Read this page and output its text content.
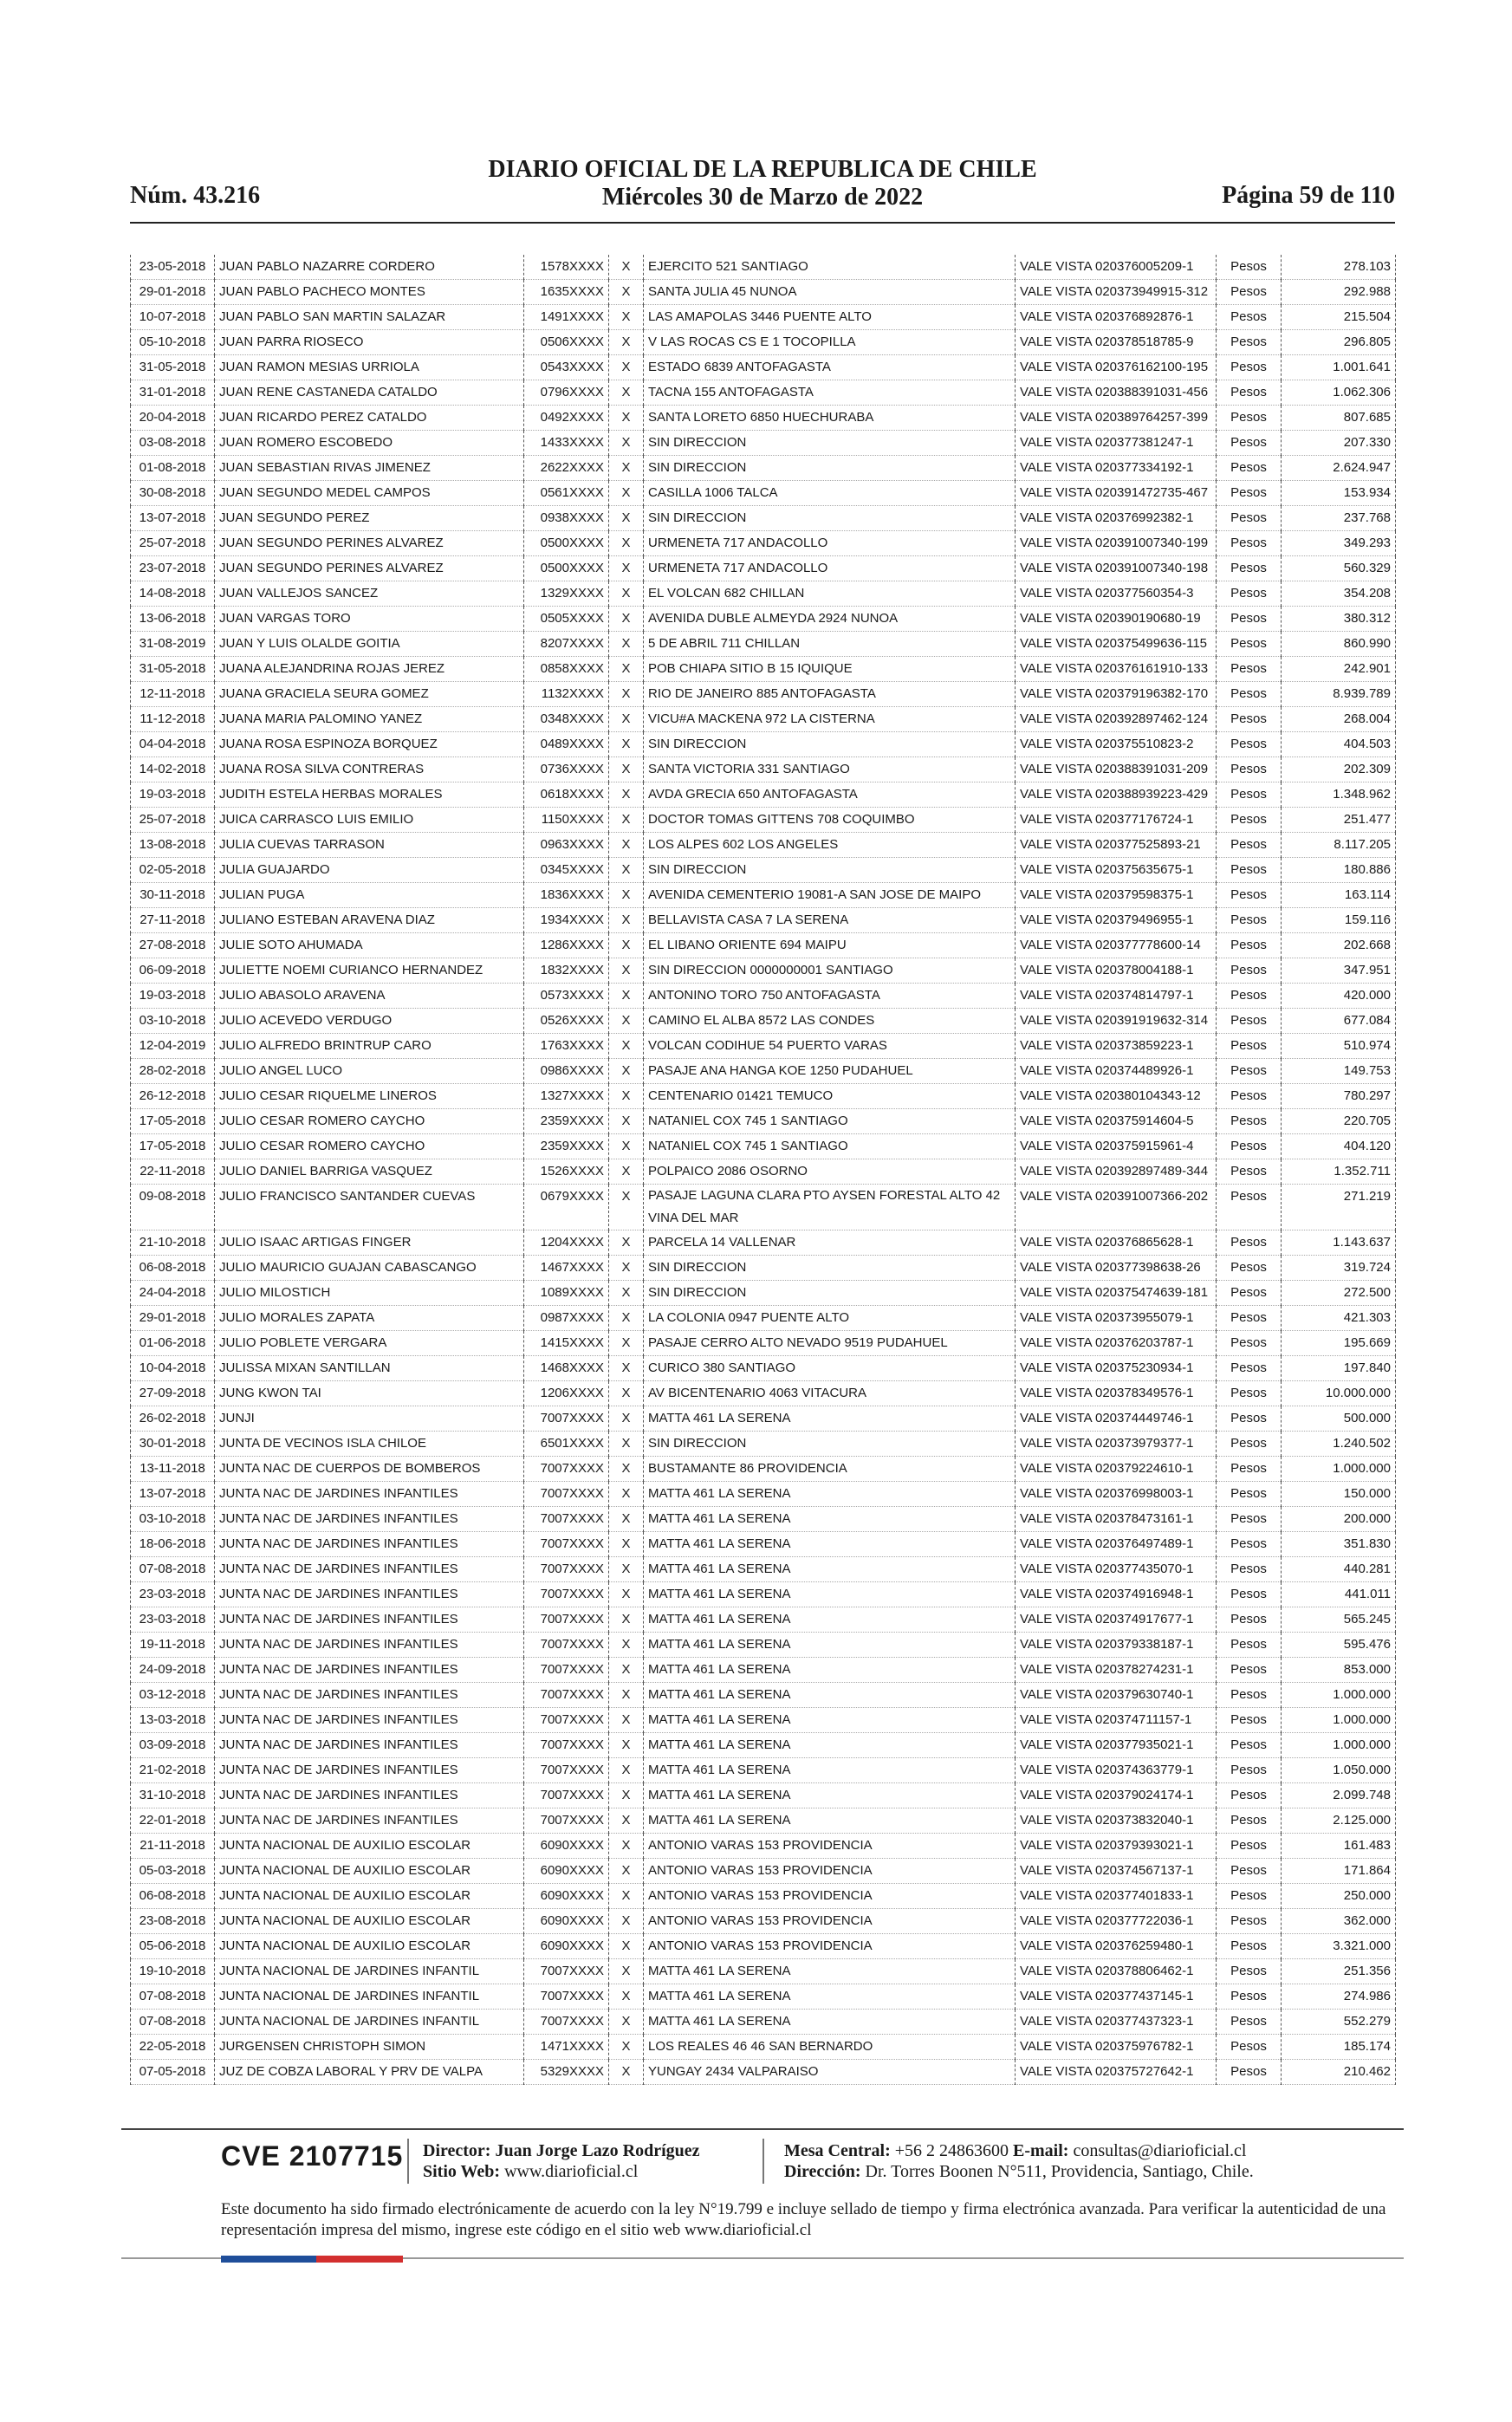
Núm. 43.216
DIARIO OFICIAL DE LA REPUBLICA DE CHILE
Miércoles 30 de Marzo de 2022	Página 59 de 110
23-05-2018	JUAN PABLO NAZARRE CORDERO	1578XXXX	X	EJERCITO 521 SANTIAGO	VALE VISTA 020376005209-1	Pesos	278.103
29-01-2018	JUAN PABLO PACHECO MONTES	1635XXXX	X	SANTA JULIA 45 NUNOA	VALE VISTA 020373949915-312	Pesos	292.988
10-07-2018	JUAN PABLO SAN MARTIN SALAZAR	1491XXXX	X	LAS AMAPOLAS 3446 PUENTE ALTO	VALE VISTA 020376892876-1	Pesos	215.504
05-10-2018	JUAN PARRA RIOSECO	0506XXXX	X	V LAS ROCAS CS E 1 TOCOPILLA	VALE VISTA 020378518785-9	Pesos	296.805
31-05-2018	JUAN RAMON MESIAS URRIOLA	0543XXXX	X	ESTADO 6839 ANTOFAGASTA	VALE VISTA 020376162100-195	Pesos	1.001.641
31-01-2018	JUAN RENE CASTANEDA CATALDO	0796XXXX	X	TACNA 155 ANTOFAGASTA	VALE VISTA 020388391031-456	Pesos	1.062.306
20-04-2018	JUAN RICARDO PEREZ CATALDO	0492XXXX	X	SANTA LORETO 6850 HUECHURABA	VALE VISTA 020389764257-399	Pesos	807.685
03-08-2018	JUAN ROMERO ESCOBEDO	1433XXXX	X	SIN DIRECCION	VALE VISTA 020377381247-1	Pesos	207.330
01-08-2018	JUAN SEBASTIAN RIVAS JIMENEZ	2622XXXX	X	SIN DIRECCION	VALE VISTA 020377334192-1	Pesos	2.624.947
30-08-2018	JUAN SEGUNDO MEDEL CAMPOS	0561XXXX	X	CASILLA 1006 TALCA	VALE VISTA 020391472735-467	Pesos	153.934
13-07-2018	JUAN SEGUNDO PEREZ	0938XXXX	X	SIN DIRECCION	VALE VISTA 020376992382-1	Pesos	237.768
25-07-2018	JUAN SEGUNDO PERINES ALVAREZ	0500XXXX	X	URMENETA 717 ANDACOLLO	VALE VISTA 020391007340-199	Pesos	349.293
23-07-2018	JUAN SEGUNDO PERINES ALVAREZ	0500XXXX	X	URMENETA 717 ANDACOLLO	VALE VISTA 020391007340-198	Pesos	560.329
14-08-2018	JUAN VALLEJOS SANCEZ	1329XXXX	X	EL VOLCAN 682 CHILLAN	VALE VISTA 020377560354-3	Pesos	354.208
13-06-2018	JUAN VARGAS TORO	0505XXXX	X	AVENIDA DUBLE ALMEYDA 2924 NUNOA	VALE VISTA 020390190680-19	Pesos	380.312
31-08-2019	JUAN Y LUIS OLALDE GOITIA	8207XXXX	X	5 DE ABRIL 711 CHILLAN	VALE VISTA 020375499636-115	Pesos	860.990
31-05-2018	JUANA ALEJANDRINA ROJAS JEREZ	0858XXXX	X	POB CHIAPA SITIO B 15 IQUIQUE	VALE VISTA 020376161910-133	Pesos	242.901
12-11-2018	JUANA GRACIELA SEURA GOMEZ	1132XXXX	X	RIO DE JANEIRO 885 ANTOFAGASTA	VALE VISTA 020379196382-170	Pesos	8.939.789
11-12-2018	JUANA MARIA PALOMINO YANEZ	0348XXXX	X	VICU#A MACKENA 972 LA CISTERNA	VALE VISTA 020392897462-124	Pesos	268.004
04-04-2018	JUANA ROSA ESPINOZA BORQUEZ	0489XXXX	X	SIN DIRECCION	VALE VISTA 020375510823-2	Pesos	404.503
14-02-2018	JUANA ROSA SILVA CONTRERAS	0736XXXX	X	SANTA VICTORIA 331 SANTIAGO	VALE VISTA 020388391031-209	Pesos	202.309
19-03-2018	JUDITH ESTELA HERBAS MORALES	0618XXXX	X	AVDA GRECIA 650 ANTOFAGASTA	VALE VISTA 020388939223-429	Pesos	1.348.962
25-07-2018	JUICA CARRASCO LUIS EMILIO	1150XXXX	X	DOCTOR TOMAS GITTENS 708 COQUIMBO	VALE VISTA 020377176724-1	Pesos	251.477
13-08-2018	JULIA CUEVAS TARRASON	0963XXXX	X	LOS ALPES 602 LOS ANGELES	VALE VISTA 020377525893-21	Pesos	8.117.205
02-05-2018	JULIA GUAJARDO	0345XXXX	X	SIN DIRECCION	VALE VISTA 020375635675-1	Pesos	180.886
30-11-2018	JULIAN PUGA	1836XXXX	X	AVENIDA CEMENTERIO 19081-A SAN JOSE DE MAIPO	VALE VISTA 020379598375-1	Pesos	163.114
27-11-2018	JULIANO ESTEBAN ARAVENA DIAZ	1934XXXX	X	BELLAVISTA CASA 7 LA SERENA	VALE VISTA 020379496955-1	Pesos	159.116
27-08-2018	JULIE SOTO AHUMADA	1286XXXX	X	EL LIBANO ORIENTE 694 MAIPU	VALE VISTA 020377778600-14	Pesos	202.668
06-09-2018	JULIETTE NOEMI CURIANCO HERNANDEZ	1832XXXX	X	SIN DIRECCION 0000000001 SANTIAGO	VALE VISTA 020378004188-1	Pesos	347.951
19-03-2018	JULIO ABASOLO ARAVENA	0573XXXX	X	ANTONINO TORO 750 ANTOFAGASTA	VALE VISTA 020374814797-1	Pesos	420.000
03-10-2018	JULIO ACEVEDO VERDUGO	0526XXXX	X	CAMINO EL ALBA 8572 LAS CONDES	VALE VISTA 020391919632-314	Pesos	677.084
12-04-2019	JULIO ALFREDO BRINTRUP CARO	1763XXXX	X	VOLCAN CODIHUE 54 PUERTO VARAS	VALE VISTA 020373859223-1	Pesos	510.974
28-02-2018	JULIO ANGEL LUCO	0986XXXX	X	PASAJE ANA HANGA KOE 1250 PUDAHUEL	VALE VISTA 020374489926-1	Pesos	149.753
26-12-2018	JULIO CESAR RIQUELME LINEROS	1327XXXX	X	CENTENARIO 01421 TEMUCO	VALE VISTA 020380104343-12	Pesos	780.297
17-05-2018	JULIO CESAR ROMERO CAYCHO	2359XXXX	X	NATANIEL COX 745 1 SANTIAGO	VALE VISTA 020375914604-5	Pesos	220.705
17-05-2018	JULIO CESAR ROMERO CAYCHO	2359XXXX	X	NATANIEL COX 745 1 SANTIAGO	VALE VISTA 020375915961-4	Pesos	404.120
22-11-2018	JULIO DANIEL BARRIGA VASQUEZ	1526XXXX	X	POLPAICO 2086 OSORNO	VALE VISTA 020392897489-344	Pesos	1.352.711
09-08-2018	JULIO FRANCISCO SANTANDER CUEVAS	0679XXXX	X	PASAJE LAGUNA CLARA PTO AYSEN FORESTAL ALTO 42 VINA DEL MAR	VALE VISTA 020391007366-202	Pesos	271.219
21-10-2018	JULIO ISAAC ARTIGAS FINGER	1204XXXX	X	PARCELA 14 VALLENAR	VALE VISTA 020376865628-1	Pesos	1.143.637
06-08-2018	JULIO MAURICIO GUAJAN CABASCANGO	1467XXXX	X	SIN DIRECCION	VALE VISTA 020377398638-26	Pesos	319.724
24-04-2018	JULIO MILOSTICH	1089XXXX	X	SIN DIRECCION	VALE VISTA 020375474639-181	Pesos	272.500
29-01-2018	JULIO MORALES ZAPATA	0987XXXX	X	LA COLONIA 0947 PUENTE ALTO	VALE VISTA 020373955079-1	Pesos	421.303
01-06-2018	JULIO POBLETE VERGARA	1415XXXX	X	PASAJE CERRO ALTO NEVADO 9519 PUDAHUEL	VALE VISTA 020376203787-1	Pesos	195.669
10-04-2018	JULISSA MIXAN SANTILLAN	1468XXXX	X	CURICO 380 SANTIAGO	VALE VISTA 020375230934-1	Pesos	197.840
27-09-2018	JUNG KWON TAI	1206XXXX	X	AV BICENTENARIO 4063 VITACURA	VALE VISTA 020378349576-1	Pesos	10.000.000
26-02-2018	JUNJI	7007XXXX	X	MATTA 461 LA SERENA	VALE VISTA 020374449746-1	Pesos	500.000
30-01-2018	JUNTA DE VECINOS ISLA CHILOE	6501XXXX	X	SIN DIRECCION	VALE VISTA 020373979377-1	Pesos	1.240.502
13-11-2018	JUNTA NAC DE CUERPOS DE BOMBEROS	7007XXXX	X	BUSTAMANTE 86 PROVIDENCIA	VALE VISTA 020379224610-1	Pesos	1.000.000
13-07-2018	JUNTA NAC DE JARDINES INFANTILES	7007XXXX	X	MATTA 461 LA SERENA	VALE VISTA 020376998003-1	Pesos	150.000
03-10-2018	JUNTA NAC DE JARDINES INFANTILES	7007XXXX	X	MATTA 461 LA SERENA	VALE VISTA 020378473161-1	Pesos	200.000
18-06-2018	JUNTA NAC DE JARDINES INFANTILES	7007XXXX	X	MATTA 461 LA SERENA	VALE VISTA 020376497489-1	Pesos	351.830
07-08-2018	JUNTA NAC DE JARDINES INFANTILES	7007XXXX	X	MATTA 461 LA SERENA	VALE VISTA 020377435070-1	Pesos	440.281
23-03-2018	JUNTA NAC DE JARDINES INFANTILES	7007XXXX	X	MATTA 461 LA SERENA	VALE VISTA 020374916948-1	Pesos	441.011
23-03-2018	JUNTA NAC DE JARDINES INFANTILES	7007XXXX	X	MATTA 461 LA SERENA	VALE VISTA 020374917677-1	Pesos	565.245
19-11-2018	JUNTA NAC DE JARDINES INFANTILES	7007XXXX	X	MATTA 461 LA SERENA	VALE VISTA 020379338187-1	Pesos	595.476
24-09-2018	JUNTA NAC DE JARDINES INFANTILES	7007XXXX	X	MATTA 461 LA SERENA	VALE VISTA 020378274231-1	Pesos	853.000
03-12-2018	JUNTA NAC DE JARDINES INFANTILES	7007XXXX	X	MATTA 461 LA SERENA	VALE VISTA 020379630740-1	Pesos	1.000.000
13-03-2018	JUNTA NAC DE JARDINES INFANTILES	7007XXXX	X	MATTA 461 LA SERENA	VALE VISTA 020374711157-1	Pesos	1.000.000
03-09-2018	JUNTA NAC DE JARDINES INFANTILES	7007XXXX	X	MATTA 461 LA SERENA	VALE VISTA 020377935021-1	Pesos	1.000.000
21-02-2018	JUNTA NAC DE JARDINES INFANTILES	7007XXXX	X	MATTA 461 LA SERENA	VALE VISTA 020374363779-1	Pesos	1.050.000
31-10-2018	JUNTA NAC DE JARDINES INFANTILES	7007XXXX	X	MATTA 461 LA SERENA	VALE VISTA 020379024174-1	Pesos	2.099.748
22-01-2018	JUNTA NAC DE JARDINES INFANTILES	7007XXXX	X	MATTA 461 LA SERENA	VALE VISTA 020373832040-1	Pesos	2.125.000
21-11-2018	JUNTA NACIONAL DE AUXILIO ESCOLAR	6090XXXX	X	ANTONIO VARAS 153 PROVIDENCIA	VALE VISTA 020379393021-1	Pesos	161.483
05-03-2018	JUNTA NACIONAL DE AUXILIO ESCOLAR	6090XXXX	X	ANTONIO VARAS 153 PROVIDENCIA	VALE VISTA 020374567137-1	Pesos	171.864
06-08-2018	JUNTA NACIONAL DE AUXILIO ESCOLAR	6090XXXX	X	ANTONIO VARAS 153 PROVIDENCIA	VALE VISTA 020377401833-1	Pesos	250.000
23-08-2018	JUNTA NACIONAL DE AUXILIO ESCOLAR	6090XXXX	X	ANTONIO VARAS 153 PROVIDENCIA	VALE VISTA 020377722036-1	Pesos	362.000
05-06-2018	JUNTA NACIONAL DE AUXILIO ESCOLAR	6090XXXX	X	ANTONIO VARAS 153 PROVIDENCIA	VALE VISTA 020376259480-1	Pesos	3.321.000
19-10-2018	JUNTA NACIONAL DE JARDINES INFANTIL	7007XXXX	X	MATTA 461 LA SERENA	VALE VISTA 020378806462-1	Pesos	251.356
07-08-2018	JUNTA NACIONAL DE JARDINES INFANTIL	7007XXXX	X	MATTA 461 LA SERENA	VALE VISTA 020377437145-1	Pesos	274.986
07-08-2018	JUNTA NACIONAL DE JARDINES INFANTIL	7007XXXX	X	MATTA 461 LA SERENA	VALE VISTA 020377437323-1	Pesos	552.279
22-05-2018	JURGENSEN CHRISTOPH SIMON	1471XXXX	X	LOS REALES 46 46 SAN BERNARDO	VALE VISTA 020375976782-1	Pesos	185.174
07-05-2018	JUZ DE COBZA LABORAL Y PRV DE VALPA	5329XXXX	X	YUNGAY 2434 VALPARAISO	VALE VISTA 020375727642-1	Pesos	210.462
CVE 2107715 Director: Juan Jorge Lazo Rodríguez
Sitio Web: www.diarioficial.cl
Mesa Central: +56 2 24863600 E-mail: consultas@diarioficial.cl
Dirección: Dr. Torres Boonen N°511, Providencia, Santiago, Chile.
Este documento ha sido firmado electrónicamente de acuerdo con la ley N°19.799 e incluye sellado de tiempo y firma electrónica avanzada. Para verificar la autenticidad de una representación impresa del mismo, ingrese este código en el sitio web www.diarioficial.cl
